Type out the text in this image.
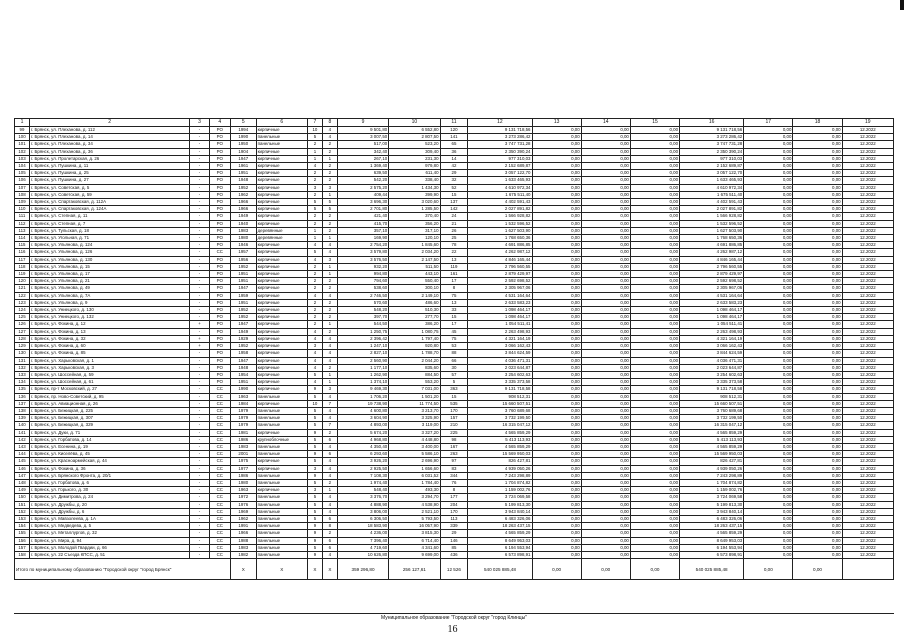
1	2	3	4	5	6	7	8	9	10	11	12	13	14	15	16	17	18	19
99	г. Брянск, ул. Плеханова, д. 112	-	РО	1994	кирпичные	10	4	9 501,80	6 552,80	120	9 131 718,56	0,00	0,00	0,00	9 131 718,56	0,00	0,00	12.2022
100	г. Брянск, ул. Плеханова, д. 14	-	РО	1990	панельные	5	4	3 007,50	2 807,50	141	3 273 286,42	0,00	0,00	0,00	3 273 286,42	0,00	0,00	12.2022
101	г. Брянск, ул. Плеханова, д. 34	-	РО	1950	панельные	2	2	517,00	523,20	65	3 747 731,28	0,00	0,00	0,00	3 747 731,28	0,00	0,00	12.2022
102	г. Брянск, ул. Плеханова, д. 36	-	РО	1904	кирпичные	1	2	342,40	309,40	36	2 350 390,24	0,00	0,00	0,00	2 350 390,24	0,00	0,00	12.2022
103	г. Брянск, ул. Пролетарская, д. 26	-	РО	1947	кирпичные	1	1	267,10	231,30	14	977 310,03	0,00	0,00	0,00	977 310,03	0,00	0,00	12.2022
104	г. Брянск, ул. Пушкина, д. 11	-	РО	1961	кирпичные	4	2	1 369,40	979,80	42	2 152 689,87	0,00	0,00	0,00	2 152 689,87	0,00	0,00	12.2022
105	г. Брянск, ул. Пушкина, д. 25	-	РО	1951	кирпичные	2	2	639,50	611,40	29	3 057 122,70	0,00	0,00	0,00	3 057 122,70	0,00	0,00	12.2022
106	г. Брянск, ул. Пушкина, д. 27	-	РО	1948	кирпичные	2	2	542,20	338,40	32	1 633 465,93	0,00	0,00	0,00	1 633 465,93	0,00	0,00	12.2022
107	г. Брянск, ул. Советская, д. 5	-	РО	1952	кирпичные	3	3	2 575,20	1 434,30	52	4 610 972,34	0,00	0,00	0,00	4 610 972,34	0,00	0,00	12.2022
108	г. Брянск, ул. Советская, д. 59	-	РО	1962	кирпичные	2	1	409,44	399,90	15	1 675 511,40	0,00	0,00	0,00	1 675 511,40	0,00	0,00	12.2022
109	г. Брянск, ул. Спартаковская, д. 112А	-	РО	1966	кирпичные	5	5	3 696,30	3 020,60	137	4 402 591,43	0,00	0,00	0,00	4 402 591,43	0,00	0,00	12.2022
110	г. Брянск, ул. Спартаковская, д. 124А	-	РО	1966	кирпичные	5	5	2 701,80	1 285,50	142	2 027 891,82	0,00	0,00	0,00	2 027 891,82	0,00	0,00	12.2022
111	г. Брянск, ул. Степная, д. 11	-	РО	1949	кирпичные	2	2	421,40	370,40	24	1 566 928,82	0,00	0,00	0,00	1 566 928,82	0,00	0,00	12.2022
112	г. Брянск, ул. Степная, д. 7	-	РО	1940	кирпичные	2	2	415,70	356,20	21	1 532 596,52	0,00	0,00	0,00	1 532 596,52	0,00	0,00	12.2022
113	г. Брянск, ул. Тульская, д. 18	-	РО	1983	деревянные	1	2	357,10	317,10	26	1 627 503,90	0,00	0,00	0,00	1 627 503,90	0,00	0,00	12.2022
114	г. Брянск, ул. Угольная, д. 71	-	РО	1980	деревянные	1	1	169,90	120,10	25	1 768 650,36	0,00	0,00	0,00	1 768 650,36	0,00	0,00	12.2022
115	г. Брянск, ул. Ульянова, д. 124	-	РО	1946	кирпичные	4	4	2 754,20	1 845,60	78	4 691 886,85	0,00	0,00	0,00	4 691 886,85	0,00	0,00	12.2022
116	г. Брянск, ул. Ульянова, д. 126	-	СС	1957	кирпичные	5	4	3 579,80	2 034,20	22	4 262 987,12	0,00	0,00	0,00	4 262 987,12	0,00	0,00	12.2022
117	г. Брянск, ул. Ульянова, д. 130	-	РО	1956	кирпичные	4	3	3 576,50	2 147,50	13	4 846 165,44	0,00	0,00	0,00	4 846 165,44	0,00	0,00	12.2022
118	г. Брянск, ул. Ульянова, д. 15	-	РО	1952	кирпичные	2	1	932,20	511,50	119	2 796 560,55	0,00	0,00	0,00	2 796 560,55	0,00	0,00	12.2022
119	г. Брянск, ул. Ульянова, д. 17	-	РО	1951	кирпичные	2	1	994,80	443,10	161	2 879 429,97	0,00	0,00	0,00	2 879 429,97	0,00	0,00	12.2022
120	г. Брянск, ул. Ульянова, д. 21	-	РО	1951	кирпичные	2	2	794,60	550,40	17	2 592 698,52	0,00	0,00	0,00	2 592 698,52	0,00	0,00	12.2022
121	г. Брянск, ул. Ульянова, д. 49	-	РО	1947	кирпичные	2	2	538,60	300,10	8	2 305 967,06	0,00	0,00	0,00	2 305 967,06	0,00	0,00	12.2022
122	г. Брянск, ул. Ульянова, д. 7А	-	РО	1959	кирпичные	4	4	2 746,50	2 149,10	75	4 531 164,64	0,00	0,00	0,00	4 531 164,64	0,00	0,00	12.2022
123	г. Брянск, ул. Ульянова, д. 9	-	РО	1951	кирпичные	2	2	570,60	486,60	13	2 633 583,23	0,00	0,00	0,00	2 633 583,23	0,00	0,00	12.2022
124	г. Брянск, ул. Униецкого, д. 130	-	РО	1952	кирпичные	2	2	548,20	510,30	33	1 098 464,17	0,00	0,00	0,00	1 098 464,17	0,00	0,00	12.2022
125	г. Брянск, ул. Униецкого, д. 132	-	РО	1952	кирпичные	2	2	397,70	277,70	15	1 098 464,17	0,00	0,00	0,00	1 098 464,17	0,00	0,00	12.2022
126	г. Брянск, ул. Фокина, д. 12	+	РО	1947	кирпичные	2	1	544,50	386,20	17	1 054 511,41	0,00	0,00	0,00	1 054 511,41	0,00	0,00	12.2022
127	г. Брянск, ул. Фокина, д. 13	-	РО	1949	кирпичные	4	2	1 250,75	1 080,75	45	2 263 498,93	0,00	0,00	0,00	2 263 498,93	0,00	0,00	12.2022
128	г. Брянск, ул. Фокина, д. 32	+	РО	1929	кирпичные	4	4	2 396,42	1 797,40	75	4 321 164,19	0,00	0,00	0,00	4 321 164,19	0,00	0,00	12.2022
129	г. Брянск, ул. Фокина, д. 60	+	РО	1952	кирпичные	3	4	1 247,10	920,80	53	3 066 162,43	0,00	0,00	0,00	3 066 162,43	0,00	0,00	12.2022
130	г. Брянск, ул. Фокина, д. 85	-	РО	1958	кирпичные	4	4	2 827,10	1 788,70	88	3 844 624,59	0,00	0,00	0,00	3 844 624,59	0,00	0,00	12.2022
131	г. Брянск, ул. Харьковская, д. 1	-	РО	1947	кирпичные	4	4	2 560,90	2 044,20	66	4 036 471,31	0,00	0,00	0,00	4 036 471,31	0,00	0,00	12.2022
132	г. Брянск, ул. Харьковская, д. 3	-	РО	1948	кирпичные	4	2	1 177,10	835,60	30	2 023 644,87	0,00	0,00	0,00	2 023 644,87	0,00	0,00	12.2022
133	г. Брянск, ул. Шоссейная, д. 59	-	РО	1954	кирпичные	5	1	1 262,90	884,50	57	3 254 602,63	0,00	0,00	0,00	3 254 602,63	0,00	0,00	12.2022
134	г. Брянск, ул. Шоссейная, д. 61	-	РО	1951	кирпичные	4	1	1 374,10	553,20	5	3 335 373,58	0,00	0,00	0,00	3 335 373,58	0,00	0,00	12.2022
135	г. Брянск, пр-т Московский, д. 27	-	СС	1990	кирпичные	9	3	9 469,30	7 031,00	363	9 131 718,58	0,00	0,00	0,00	9 131 718,58	0,00	0,00	12.2022
136	г. Брянск, пр. Ново-Советский, д. 95	-	СС	1963	панельные	5	4	1 706,20	1 501,20	15	908 512,31	0,00	0,00	0,00	908 512,31	0,00	0,00	12.2022
137	г. Брянск, ул. Авиационная, д. 26	-	СС	1984	кирпичные	10	7	19 738,90	11 774,50	535	15 660 507,51	0,00	0,00	0,00	15 660 507,51	0,00	0,00	12.2022
138	г. Брянск, ул. Бежицкая, д. 225	-	СС	1979	панельные	5	4	4 600,80	3 213,70	170	3 760 689,68	0,00	0,00	0,00	3 760 689,68	0,00	0,00	12.2022
139	г. Брянск, ул. Бежицкая, д. 307	-	СС	1979	панельные	5	4	3 604,90	3 325,90	157	3 732 199,50	0,00	0,00	0,00	3 732 199,50	0,00	0,00	12.2022
140	г. Брянск, ул. Бежицкая, д. 329	-	СС	1979	панельные	5	7	4 893,00	3 119,00	210	16 315 047,12	0,00	0,00	0,00	16 315 047,12	0,00	0,00	12.2022
141	г. Брянск, ул. Дуки, д. 71	-	СС	1981	кирпичные	9	2	5 674,20	3 327,20	225	4 565 859,29	0,00	0,00	0,00	4 565 859,29	0,00	0,00	12.2022
142	г. Брянск, ул. Горбатова, д. 14	-	СС	1986	крупноблочные	5	6	4 968,80	4 448,80	98	5 413 113,93	0,00	0,00	0,00	5 413 113,93	0,00	0,00	12.2022
143	г. Брянск, ул. Есенина, д. 19	-	СС	1983	панельные	5	4	4 350,40	3 400,00	167	4 565 859,29	0,00	0,00	0,00	4 565 859,29	0,00	0,00	12.2022
144	г. Брянск, ул. Киселёва, д. 45	-	СС	2001	панельные	9	6	6 293,60	5 586,10	263	15 569 950,03	0,00	0,00	0,00	15 569 950,03	0,00	0,00	12.2022
145	г. Брянск, ул. Красноармейская, д. 44	-	СС	1975	кирпичные	5	4	3 926,20	2 696,90	97	826 427,81	0,00	0,00	0,00	826 427,81	0,00	0,00	12.2022
146	г. Брянск, ул. Фокина, д. 36	-	СС	1977	кирпичные	3	4	2 925,50	1 656,60	83	4 939 050,26	0,00	0,00	0,00	4 939 050,26	0,00	0,00	12.2022
147	г. Брянск, ул. Брянского Фронта, д. 20/1	-	СС	1986	панельные	9	4	7 108,30	6 031,52	344	7 243 298,89	0,00	0,00	0,00	7 243 298,89	0,00	0,00	12.2022
148	г. Брянск, ул. Горбатова, д. 6	-	СС	1980	панельные	5	2	1 974,40	1 784,40	76	1 704 874,82	0,00	0,00	0,00	1 704 874,82	0,00	0,00	12.2022
149	г. Брянск, ул. Горького, д. 30	-	СС	1963	кирпичные	3	1	548,40	493,30	8	1 159 002,76	0,00	0,00	0,00	1 159 002,76	0,00	0,00	12.2022
150	г. Брянск, ул. Димитрова, д. 24	-	СС	1972	панельные	5	4	3 376,70	3 294,70	177	3 724 069,58	0,00	0,00	0,00	3 724 069,58	0,00	0,00	12.2022
151	г. Брянск, ул. Дружбы, д. 20	-	СС	1976	панельные	5	4	4 888,90	4 538,90	204	5 199 813,30	0,00	0,00	0,00	5 199 813,30	0,00	0,00	12.2022
152	г. Брянск, ул. Дружбы, д. 6	-	СС	1969	панельные	5	4	3 806,00	2 521,10	170	3 943 840,14	0,00	0,00	0,00	3 943 840,14	0,00	0,00	12.2022
153	г. Брянск, ул. Мавзолеева, д. 1А	-	СС	1962	панельные	5	6	6 306,50	5 793,50	113	6 483 326,06	0,00	0,00	0,00	6 483 326,06	0,00	0,00	12.2022
154	г. Брянск, ул. Медведева, д. 5	-	СС	1991	панельные	9	8	18 583,90	16 057,90	339	18 263 437,15	0,00	0,00	0,00	18 263 437,15	0,00	0,00	12.2022
155	г. Брянск, ул. Металлургов, д. 32	-	СС	1966	панельные	9	2	4 236,00	3 815,30	29	4 565 859,29	0,00	0,00	0,00	4 565 859,29	0,00	0,00	12.2022
156	г. Брянск, ул. Мира, д. 94	-	СС	1988	панельные	9	6	7 396,40	6 714,40	146	8 649 953,03	0,00	0,00	0,00	8 649 953,03	0,00	0,00	12.2022
157	г. Брянск, ул. Молодой Гвардии, д. 66	-	СС	1983	панельные	5	6	4 719,60	4 341,60	85	6 194 553,94	0,00	0,00	0,00	6 194 553,94	0,00	0,00	12.2022
158	г. Брянск, ул. 22 Съезда КПСС, д. 51	-	СС	1982	панельные	9	4	10 626,80	9 699,00	436	6 573 898,91	0,00	0,00	0,00	6 573 898,91	0,00	0,00	12.2022
Итого по муниципальному образованию "Городской округ "город Брянск"				X	X	X	X	359 296,80	256 127,61	12 526	540 025 885,48	0,00	0,00	0,00	540 025 885,48	0,00	0,00	
Муниципальное образование "Городской округ "город Клинцы"
16
